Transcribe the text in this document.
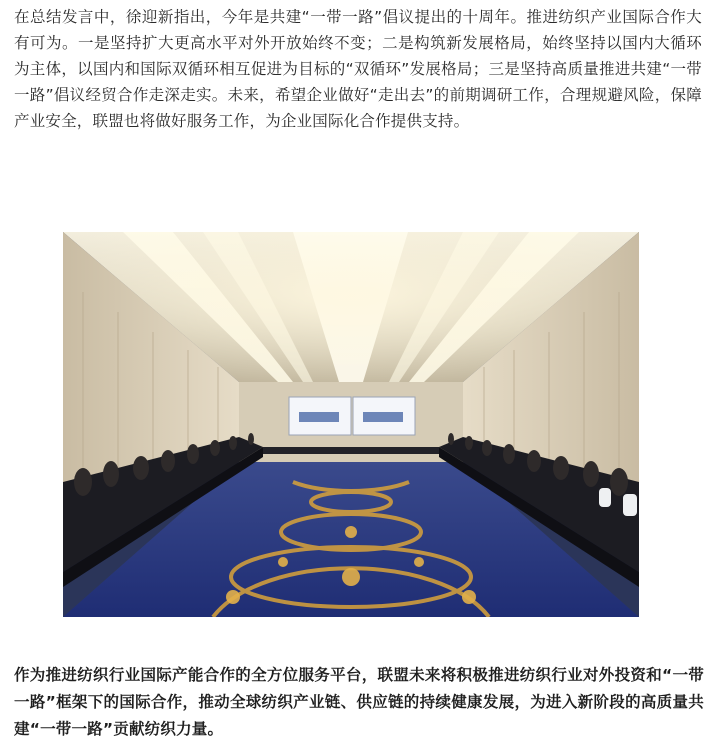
在总结发言中，徐迎新指出，今年是共建“一带一路”倡议提出的十周年。推进纺织产业国际合作大有可为。一是坚持扩大更高水平对外开放始终不变；二是构筑新发展格局，始终坚持以国内大循环为主体，以国内和国际双循环相互促进为目标的“双循环”发展格局；三是坚持高质量推进共建“一带一路”倡议经贸合作走深走实。未来，希望企业做好“走出去”的前期调研工作，合理规避风险，保障产业安全，联盟也将做好服务工作，为企业国际化合作提供支持。

作为推进纺织行业国际产能合作的全方位服务平台，联盟未来将积极推进纺织行业对外投资和“一带一路”框架下的国际合作，推动全球纺织产业链、供应链的持续健康发展，为进入新阶段的高质量共建“一带一路”贡献纺织力量。
